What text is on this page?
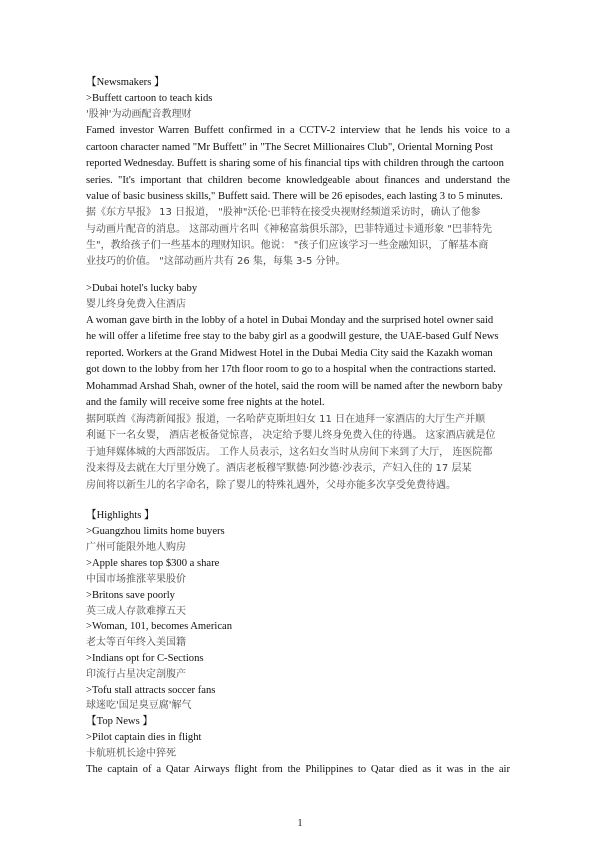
【Newsmakers 】
>Buffett cartoon to teach kids
'股神'为动画配音教理财
Famed investor Warren Buffett confirmed in a CCTV-2 interview that he lends his voice to a
cartoon character named "Mr Buffett" in "The Secret Millionaires Club", Oriental Morning Post
reported Wednesday. Buffett is sharing some of his financial tips with children through the cartoon
series. "It's important that children become knowledgeable about finances and understand the
value of basic business skills," Buffett said. There will be 26 episodes, each lasting 3 to 5 minutes.
据《东方早报》 13 日报道， "股神"沃伦·巴菲特在接受央视财经频道采访时，确认了他参
与动画片配音的消息。 这部动画片名叫《神秘富翁俱乐部》，巴菲特通过卡通形象 "巴菲特先
生"，教给孩子们一些基本的理财知识。他说： "孩子们应该学习一些金融知识，了解基本商
业技巧的价值。 "这部动画片共有 26 集，每集 3-5 分钟。
>Dubai hotel's lucky baby
婴儿终身免费入住酒店
A woman gave birth in the lobby of a hotel in Dubai Monday and the surprised hotel owner said
he will offer a lifetime free stay to the baby girl as a goodwill gesture, the UAE-based Gulf News
reported. Workers at the Grand Midwest Hotel in the Dubai Media City said the Kazakh woman
got down to the lobby from her 17th floor room to go to a hospital when the contractions started.
Mohammad Arshad Shah, owner of the hotel, said the room will be named after the newborn baby
and the family will receive some free nights at the hotel.
据阿联酋《海湾新闻报》报道，一名哈萨克斯坦妇女 11 日在迪拜一家酒店的大厅生产并顺
利诞下一名女婴， 酒店老板备觉惊喜， 决定给予婴儿终身免费入住的待遇。 这家酒店就是位
于迪拜媒体城的大西部饭店。 工作人员表示，这名妇女当时从房间下来到了大厅， 连医院都
没来得及去就在大厅里分娩了。酒店老板穆罕默德·阿沙德·沙表示，产妇入住的 17 层某
房间将以新生儿的名字命名，除了婴儿的特殊礼遇外，父母亦能多次享受免费待遇。
【Highlights 】
>Guangzhou limits home buyers
广州可能限外地人购房
>Apple shares top $300 a share
中国市场推涨苹果股价
>Britons save poorly
英三成人存款难撑五天
>Woman, 101, becomes American
老太等百年终入美国籍
>Indians opt for C-Sections
印流行占星决定剖腹产
>Tofu stall attracts soccer fans
球迷吃'国足臭豆腐'解气
【Top News 】
>Pilot captain dies in flight
卡航班机长途中猝死
The captain of a Qatar Airways flight from the Philippines to Qatar died as it was in the air
1
